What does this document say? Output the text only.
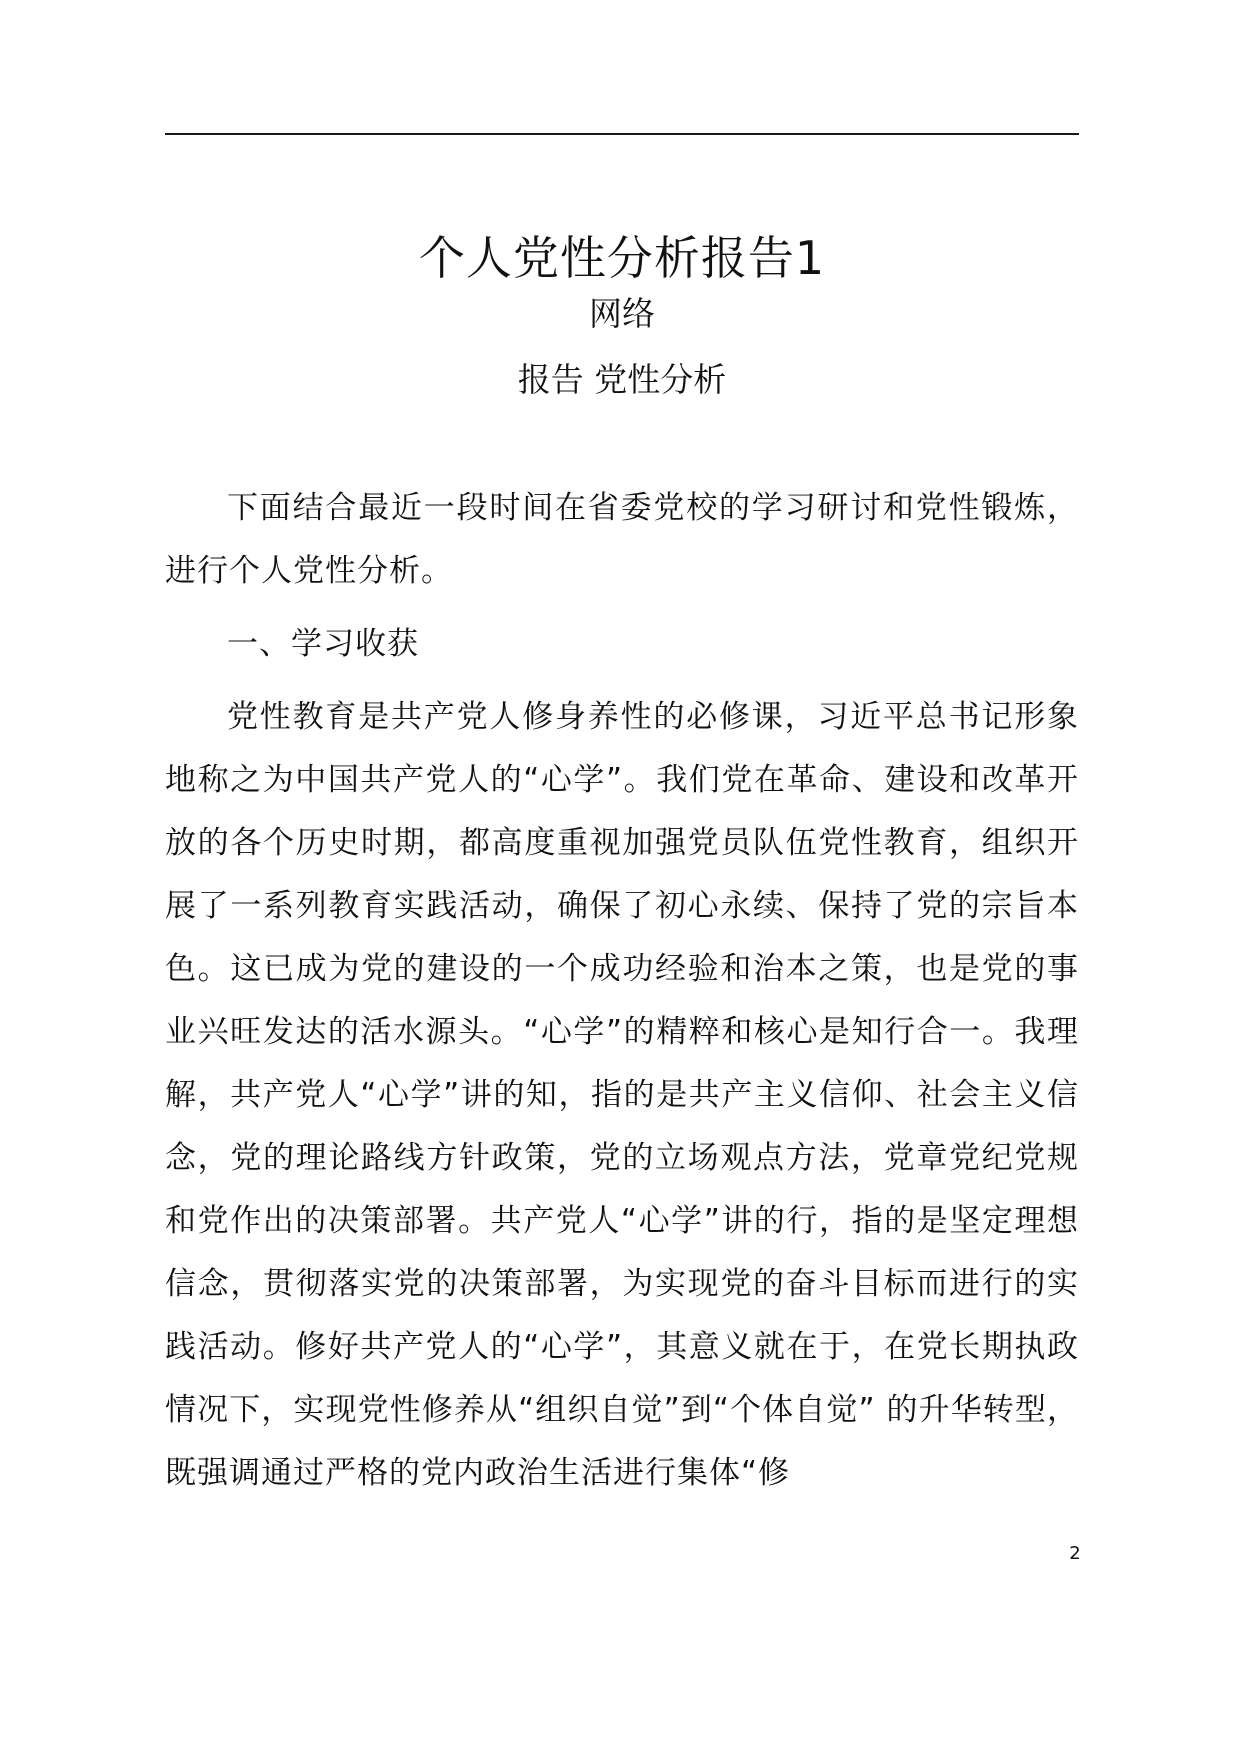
个人党性分析报告1
网络
报告 党性分析

下面结合最近一段时间在省委党校的学习研讨和党性锻炼，进行个人党性分析。

一、学习收获

党性教育是共产党人修身养性的必修课，习近平总书记形象地称之为中国共产党人的“心学”。我们党在革命、建设和改革开放的各个历史时期，都高度重视加强党员队伍党性教育，组织开展了一系列教育实践活动，确保了初心永续、保持了党的宗旨本色。这已成为党的建设的一个成功经验和治本之策，也是党的事业兴旺发达的活水源头。“心学”的精粹和核心是知行合一。我理解，共产党人“心学”讲的知，指的是共产主义信仰、社会主义信念，党的理论路线方针政策，党的立场观点方法，党章党纪党规和党作出的决策部署。共产党人“心学”讲的行，指的是坚定理想信念，贯彻落实党的决策部署，为实现党的奋斗目标而进行的实践活动。修好共产党人的“心学”，其意义就在于，在党长期执政情况下，实现党性修养从“组织自觉”到“个体自觉” 的升华转型，既强调通过严格的党内政治生活进行集体“修

2
